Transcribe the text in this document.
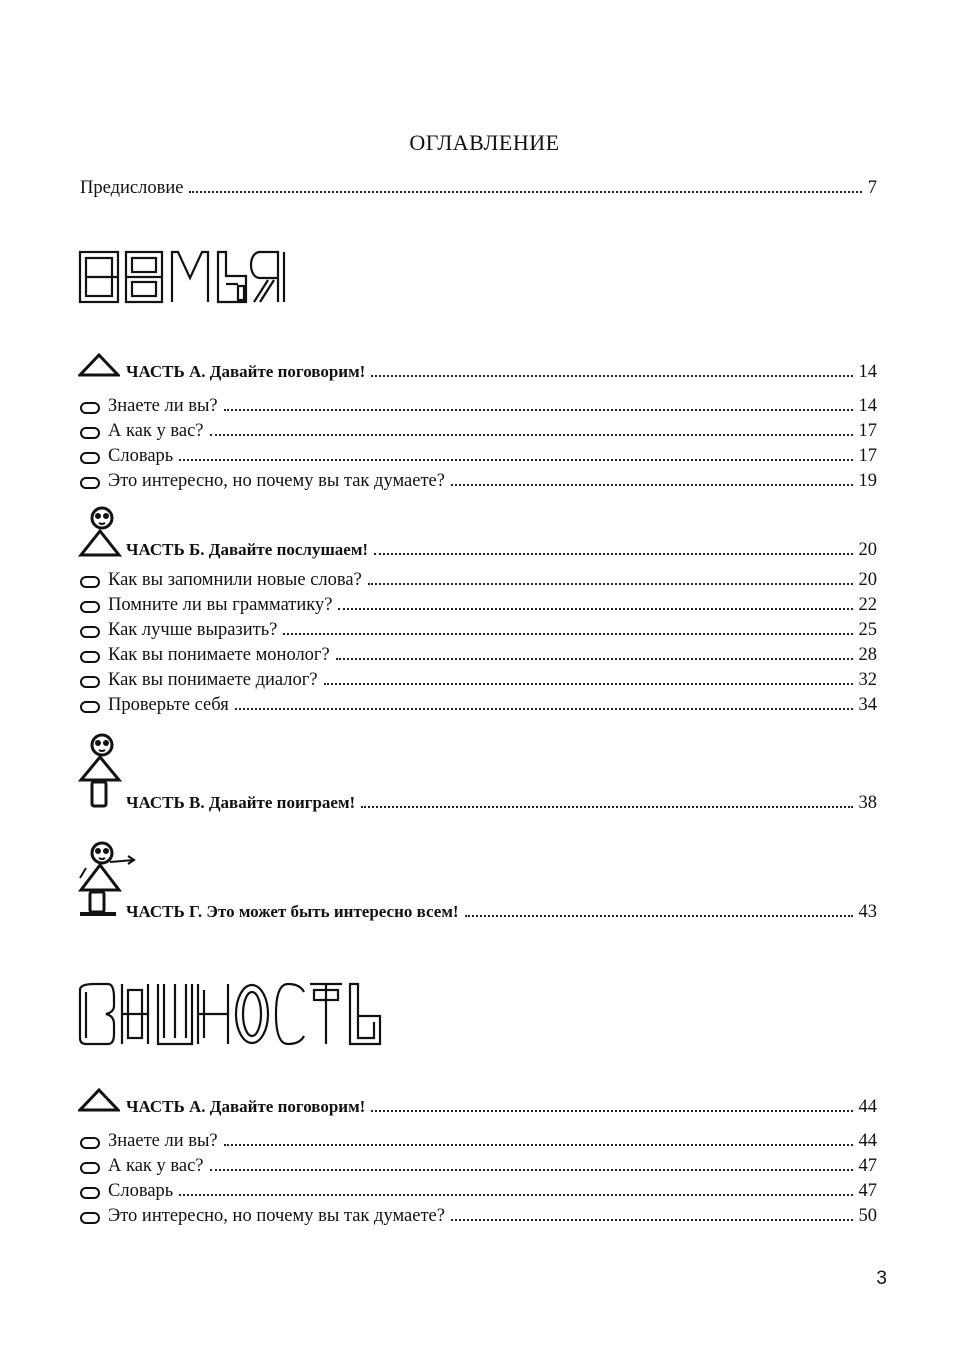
ОГЛАВЛЕНИЕ
Предисловие	7
ЧАСТЬ А. Давайте поговорим!	14
Знаете ли вы?	14
А как у вас?	17
Словарь	17
Это интересно, но почему вы так думаете?	19
ЧАСТЬ Б. Давайте послушаем!	20
Как вы запомнили новые слова?	20
Помните ли вы грамматику?	22
Как лучше выразить?	25
Как вы понимаете монолог?	28
Как вы понимаете диалог?	32
Проверьте себя	34
ЧАСТЬ В. Давайте поиграем!	38
ЧАСТЬ Г. Это может быть интересно всем!	43
ЧАСТЬ А. Давайте поговорим!	44
Знаете ли вы?	44
А как у вас?	47
Словарь	47
Это интересно, но почему вы так думаете?	50
3
